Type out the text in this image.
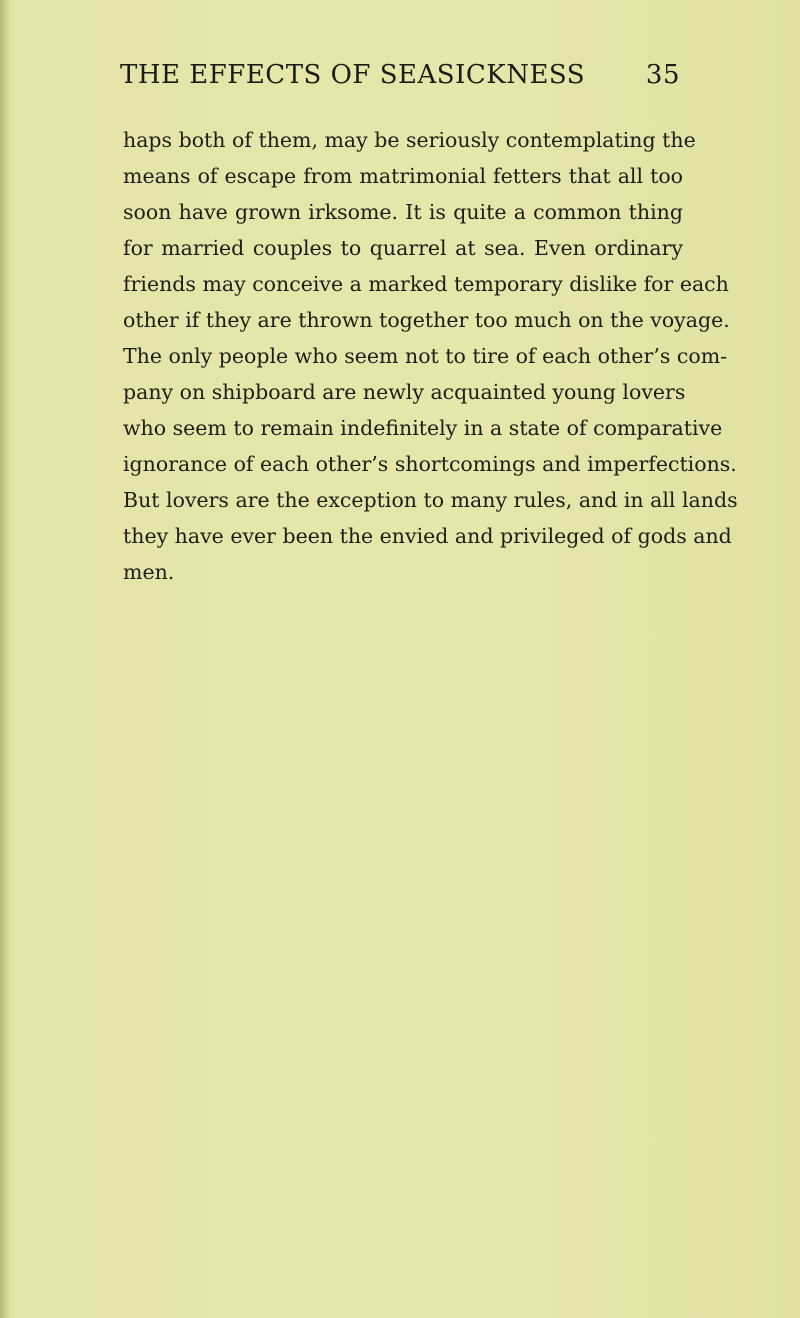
THE EFFECTS OF SEASICKNESS 35
haps both of them, may be seriously contemplating the
means of escape from matrimonial fetters that all too
soon have grown irksome. It is quite a common thing
for married couples to quarrel at sea. Even ordinary
friends may conceive a marked temporary dislike for each
other if they are thrown together too much on the voyage.
The only people who seem not to tire of each other’s com-
pany on shipboard are newly acquainted young lovers
who seem to remain indefinitely in a state of comparative
ignorance of each other’s shortcomings and imperfections.
But lovers are the exception to many rules, and in all lands
they have ever been the envied and privileged of gods and
men.
